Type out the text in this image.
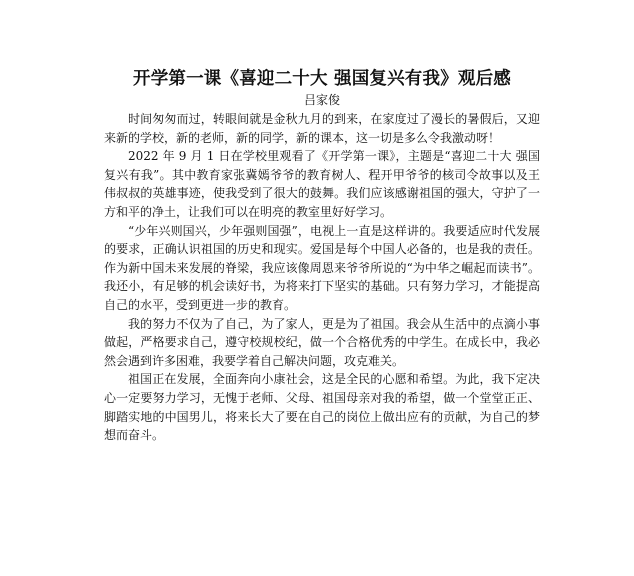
开学第一课《喜迎二十大 强国复兴有我》观后感
吕家俊

时间匆匆而过，转眼间就是金秋九月的到来，在家度过了漫长的暑假后，又迎来新的学校，新的老师，新的同学，新的课本，这一切是多么令我激动呀！

2022 年 9 月 1 日在学校里观看了《开学第一课》，主题是“喜迎二十大 强国复兴有我”。其中教育家张冀嫣爷爷的教育树人、程开甲爷爷的核司令故事以及王伟叔叔的英雄事迹，使我受到了很大的鼓舞。我们应该感谢祖国的强大，守护了一方和平的净土，让我们可以在明亮的教室里好好学习。

“少年兴则国兴，少年强则国强”，电视上一直是这样讲的。我要适应时代发展的要求，正确认识祖国的历史和现实。爱国是每个中国人必备的，也是我的责任。作为新中国未来发展的脊梁，我应该像周恩来爷爷所说的“为中华之崛起而读书”。我还小，有足够的机会读好书，为将来打下坚实的基础。只有努力学习，才能提高自己的水平，受到更进一步的教育。

我的努力不仅为了自己，为了家人，更是为了祖国。我会从生活中的点滴小事做起，严格要求自己，遵守校规校纪，做一个合格优秀的中学生。在成长中，我必然会遇到许多困难，我要学着自己解决问题，攻克难关。

祖国正在发展，全面奔向小康社会，这是全民的心愿和希望。为此，我下定决心一定要努力学习，无愧于老师、父母、祖国母亲对我的希望，做一个堂堂正正、脚踏实地的中国男儿，将来长大了要在自己的岗位上做出应有的贡献，为自己的梦想而奋斗。
